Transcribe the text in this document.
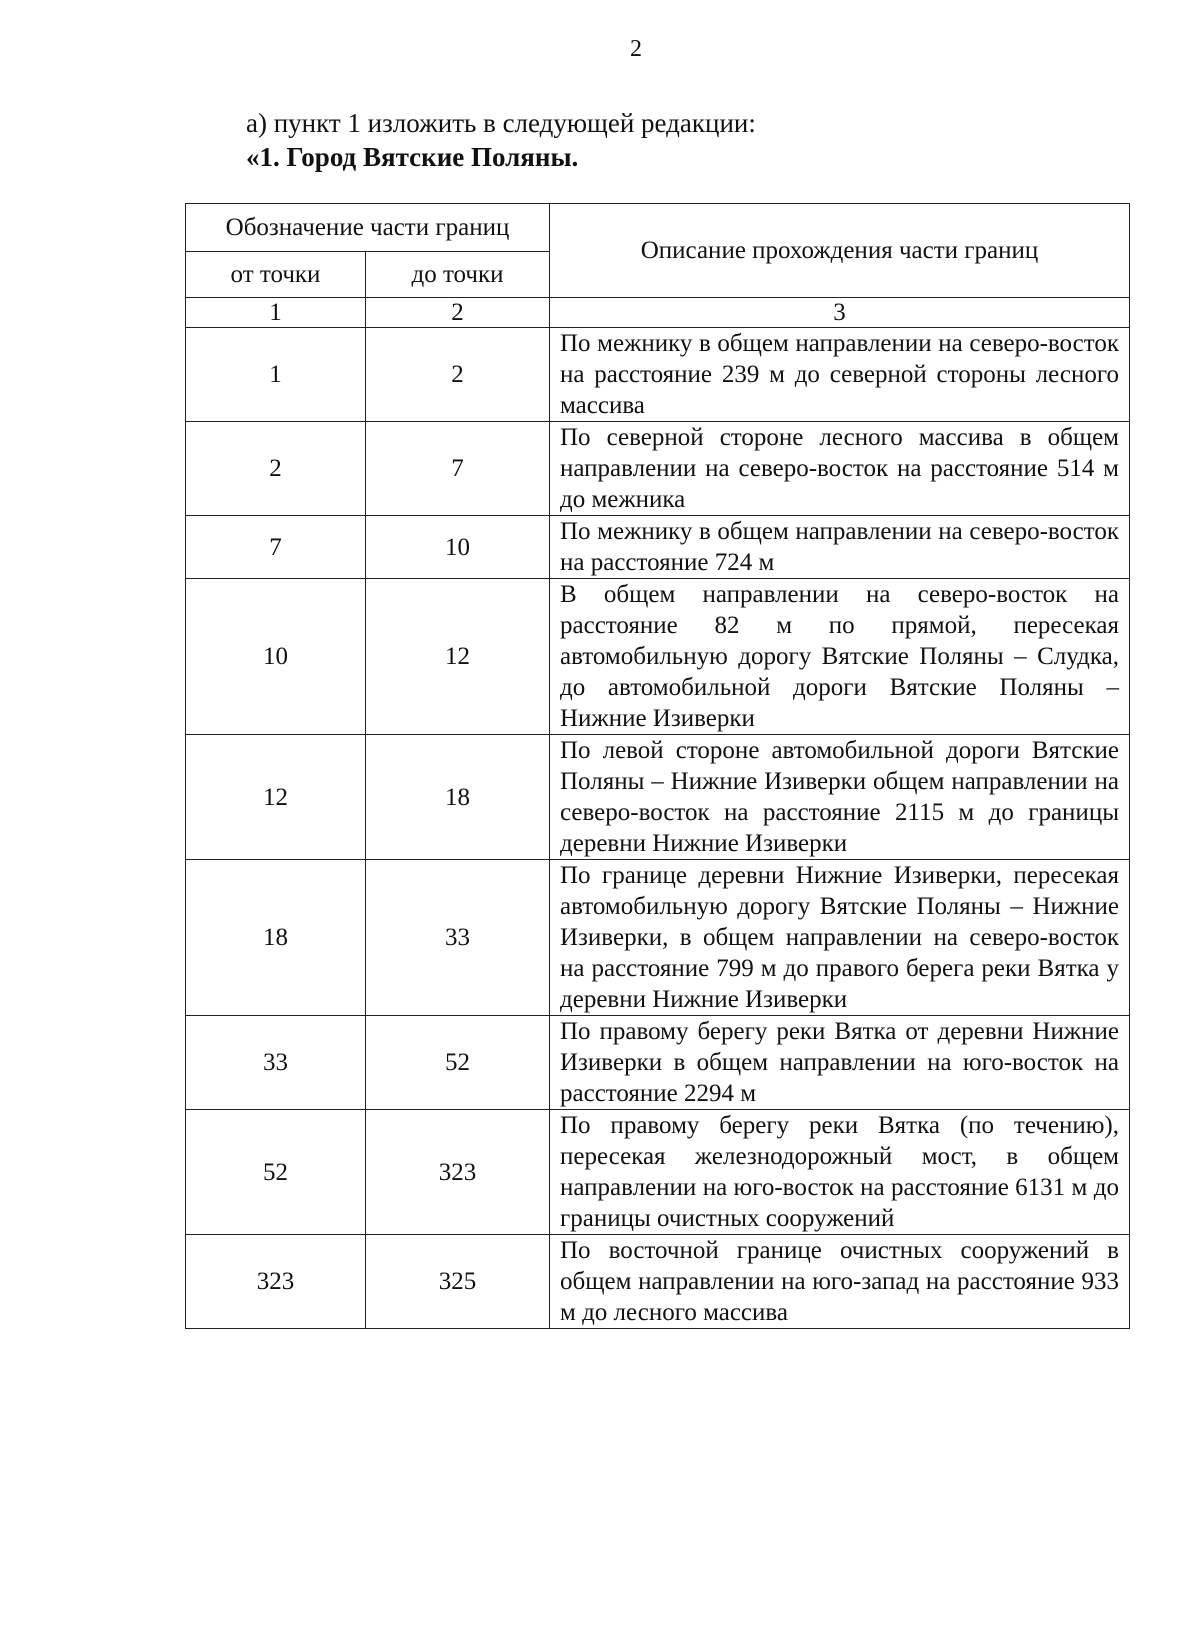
2
а) пункт 1 изложить в следующей редакции:
«1. Город Вятские Поляны.
Обозначение части границ		Описание прохождения части границ
от точки	до точки	
1	2	3
1	2	По межнику в общем направлении на северо-восток на расстояние 239 м до северной стороны лесного массива
2	7	По северной стороне лесного массива в общем направлении на северо-восток на расстояние 514 м до межника
7	10	По межнику в общем направлении на северо-восток на расстояние 724 м
10	12	В общем направлении на северо-восток на расстояние 82 м по прямой, пересекая автомобильную дорогу Вятские Поляны – Слудка, до автомобильной дороги Вятские Поляны – Нижние Изиверки
12	18	По левой стороне автомобильной дороги Вятские Поляны – Нижние Изиверки общем направлении на северо-восток на расстояние 2115 м до границы деревни Нижние Изиверки
18	33	По границе деревни Нижние Изиверки, пересекая автомобильную дорогу Вятские Поляны – Нижние Изиверки, в общем направлении на северо-восток на расстояние 799 м до правого берега реки Вятка у деревни Нижние Изиверки
33	52	По правому берегу реки Вятка от деревни Нижние Изиверки в общем направлении на юго-восток на расстояние 2294 м
52	323	По правому берегу реки Вятка (по течению), пересекая железнодорожный мост, в общем направлении на юго-восток на расстояние 6131 м до границы очистных сооружений
323	325	По восточной границе очистных сооружений в общем направлении на юго-запад на расстояние 933 м до лесного массива
